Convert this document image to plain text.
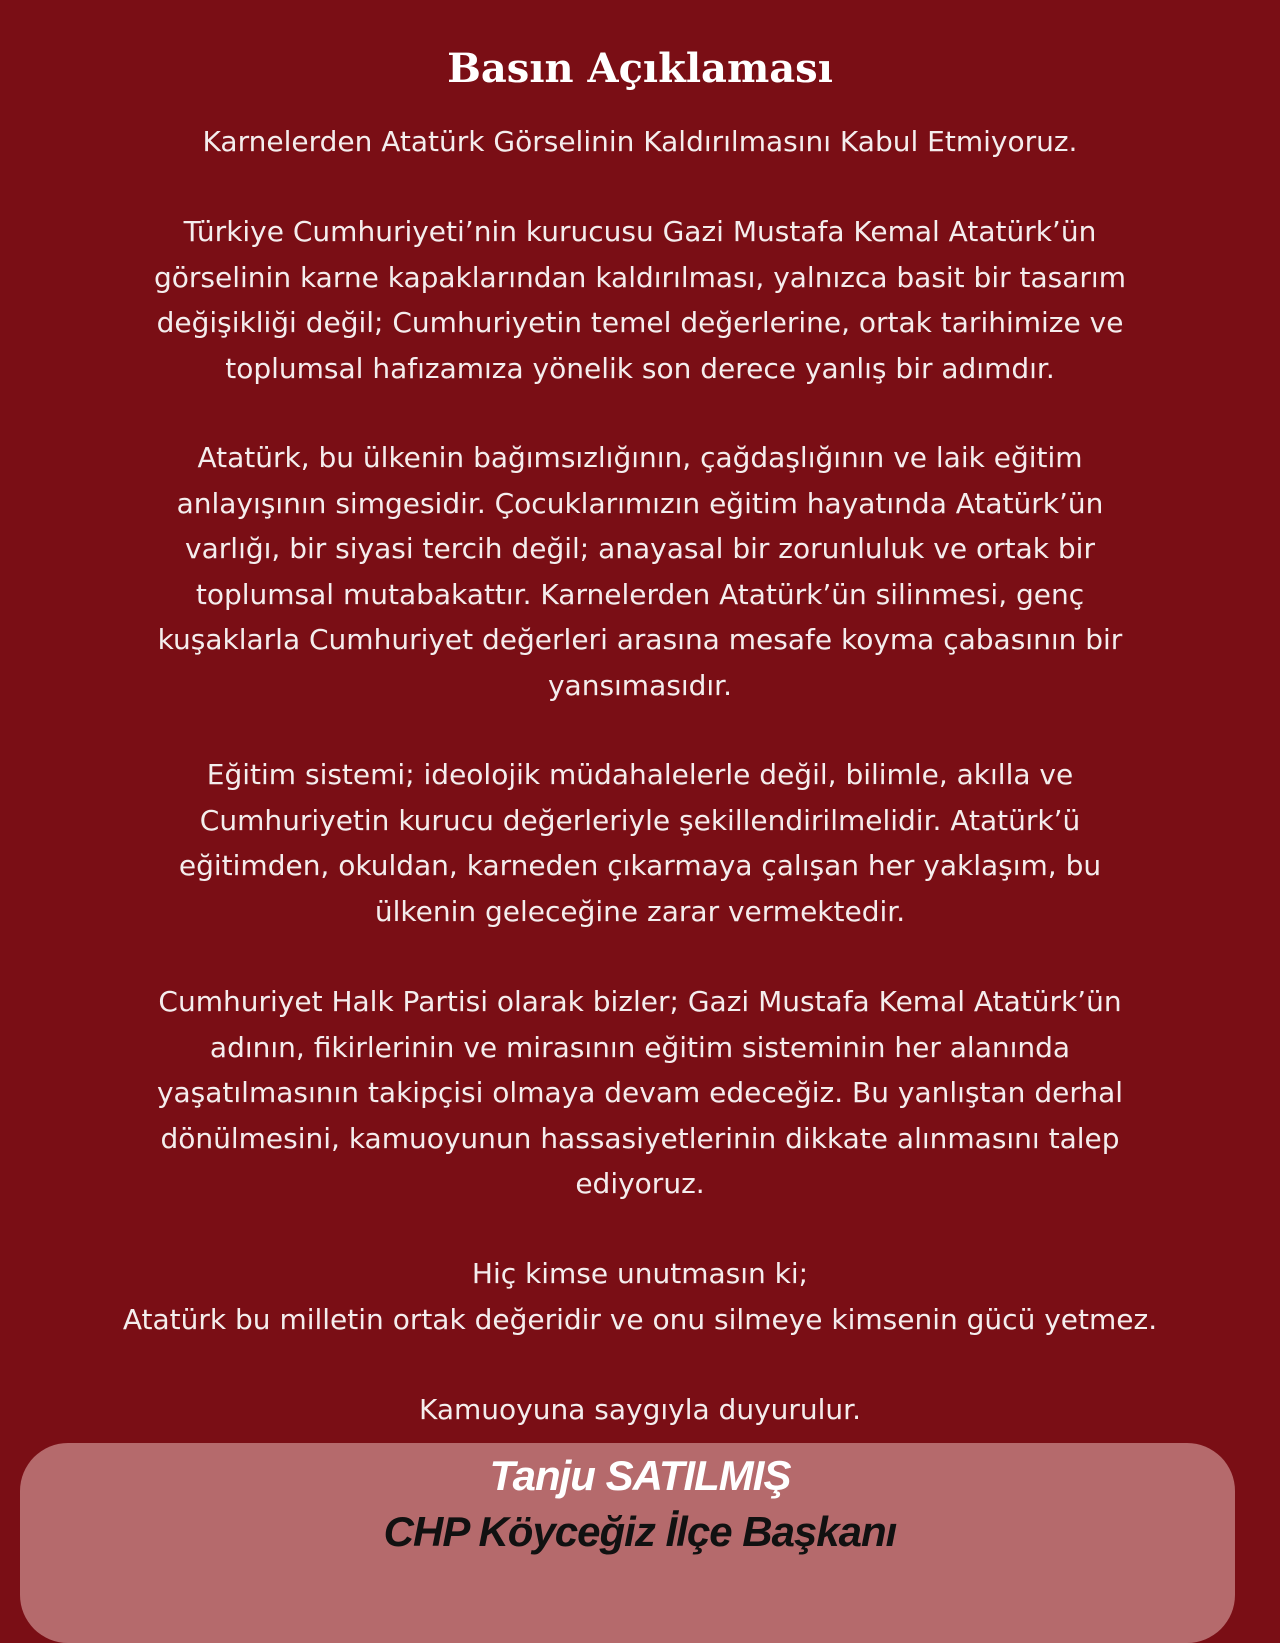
Basın Açıklaması
Karnelerden Atatürk Görselinin Kaldırılmasını Kabul Etmiyoruz.
Türkiye Cumhuriyeti’nin kurucusu Gazi Mustafa Kemal Atatürk’ün
görselinin karne kapaklarından kaldırılması, yalnızca basit bir tasarım
değişikliği değil; Cumhuriyetin temel değerlerine, ortak tarihimize ve
toplumsal hafızamıza yönelik son derece yanlış bir adımdır.
Atatürk, bu ülkenin bağımsızlığının, çağdaşlığının ve laik eğitim
anlayışının simgesidir. Çocuklarımızın eğitim hayatında Atatürk’ün
varlığı, bir siyasi tercih değil; anayasal bir zorunluluk ve ortak bir
toplumsal mutabakattır. Karnelerden Atatürk’ün silinmesi, genç
kuşaklarla Cumhuriyet değerleri arasına mesafe koyma çabasının bir
yansımasıdır.
Eğitim sistemi; ideolojik müdahalelerle değil, bilimle, akılla ve
Cumhuriyetin kurucu değerleriyle şekillendirilmelidir. Atatürk’ü
eğitimden, okuldan, karneden çıkarmaya çalışan her yaklaşım, bu
ülkenin geleceğine zarar vermektedir.
Cumhuriyet Halk Partisi olarak bizler; Gazi Mustafa Kemal Atatürk’ün
adının, fikirlerinin ve mirasının eğitim sisteminin her alanında
yaşatılmasının takipçisi olmaya devam edeceğiz. Bu yanlıştan derhal
dönülmesini, kamuoyunun hassasiyetlerinin dikkate alınmasını talep
ediyoruz.
Hiç kimse unutmasın ki;
Atatürk bu milletin ortak değeridir ve onu silmeye kimsenin gücü yetmez.
Kamuoyuna saygıyla duyurulur.
Tanju SATILMIŞ
CHP Köyceğiz İlçe Başkanı
